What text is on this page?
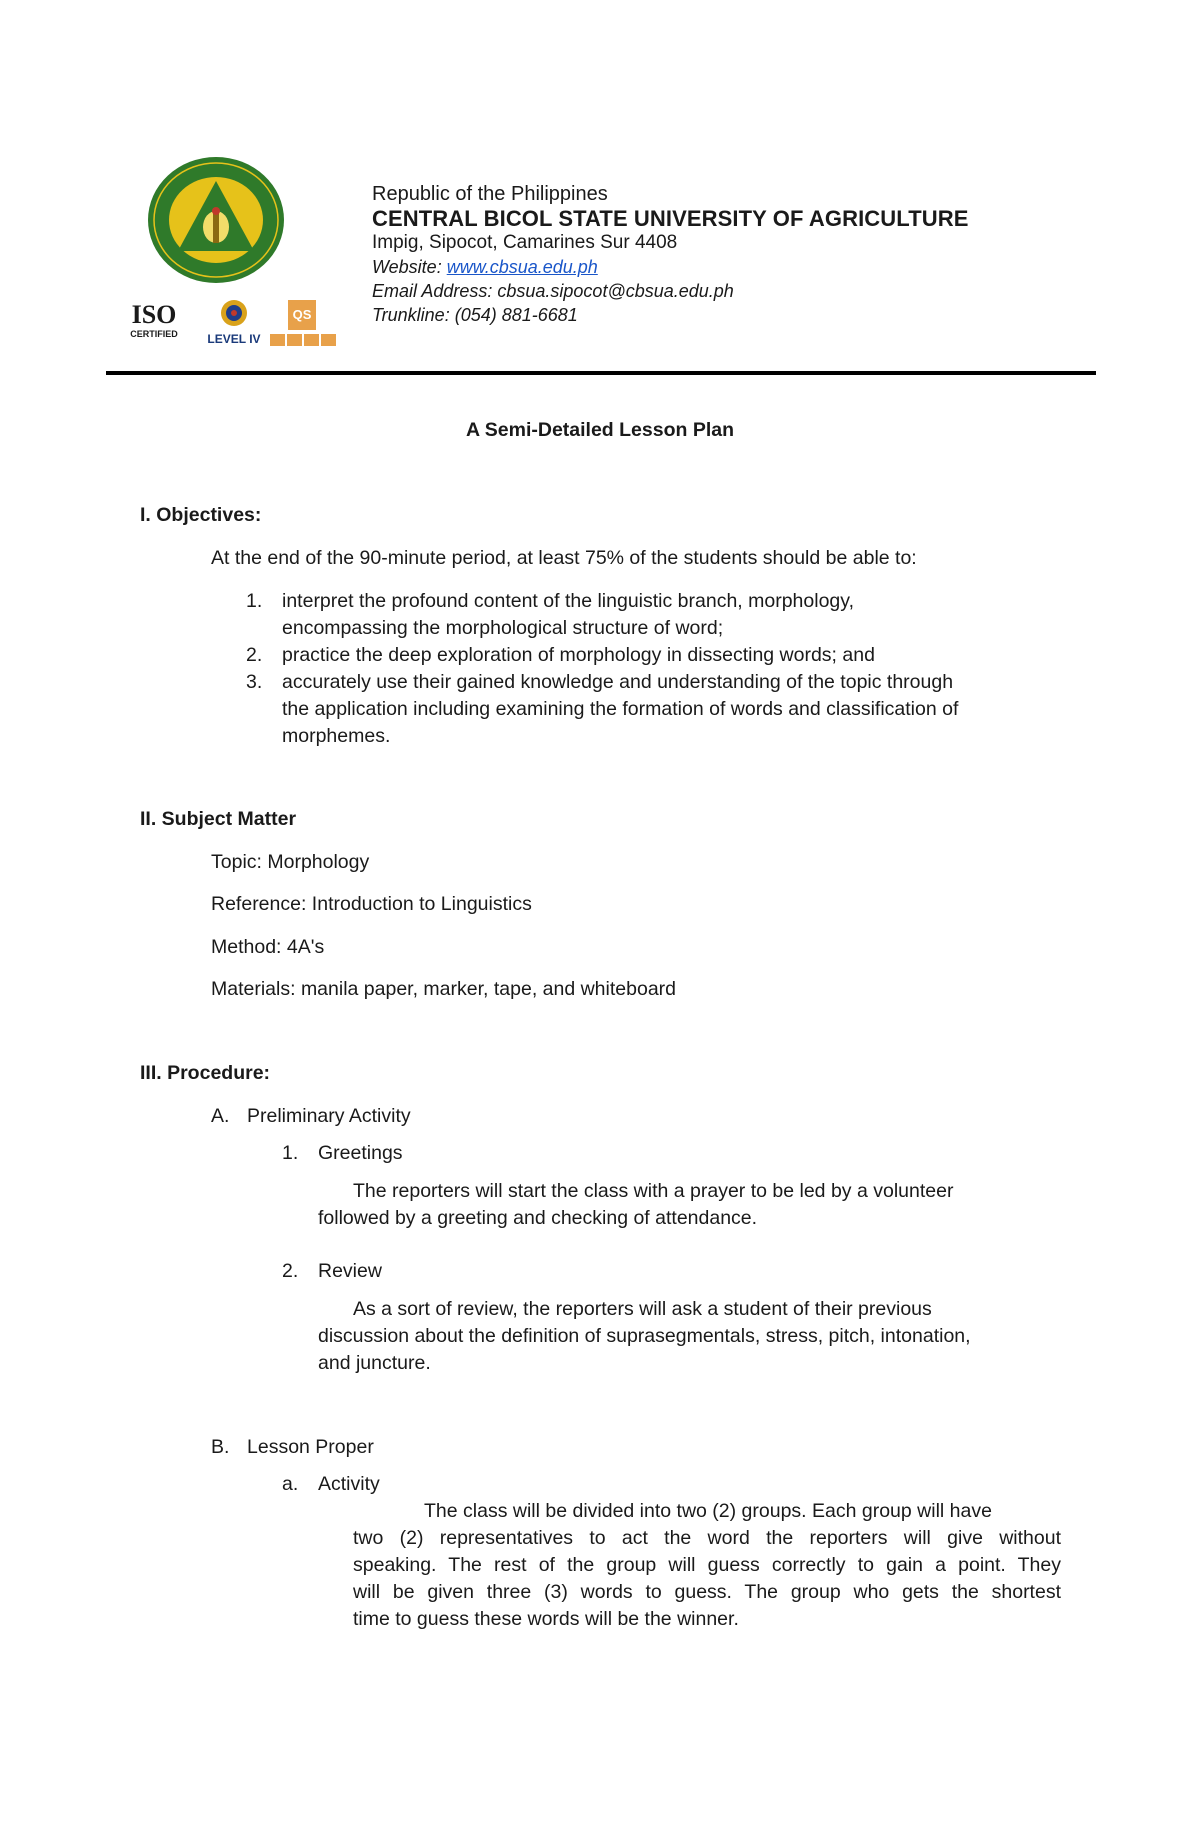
ISO
CERTIFIED	LEVEL IV
QS
Republic of the Philippines
CENTRAL BICOL STATE UNIVERSITY OF AGRICULTURE
Impig, Sipocot, Camarines Sur 4408
Website: www.cbsua.edu.ph
Email Address: cbsua.sipocot@cbsua.edu.ph
Trunkline: (054) 881-6681
A Semi-Detailed Lesson Plan
I. Objectives:
At the end of the 90-minute period, at least 75% of the students should be able to:
1. interpret the profound content of the linguistic branch, morphology,
encompassing the morphological structure of word;
2. practice the deep exploration of morphology in dissecting words; and
3. accurately use their gained knowledge and understanding of the topic through
the application including examining the formation of words and classification of
morphemes.
II. Subject Matter
Topic: Morphology
Reference: Introduction to Linguistics
Method: 4A's
Materials: manila paper, marker, tape, and whiteboard
III. Procedure:
A. Preliminary Activity
1. Greetings
The reporters will start the class with a prayer to be led by a volunteer
followed by a greeting and checking of attendance.
2. Review
As a sort of review, the reporters will ask a student of their previous
discussion about the definition of suprasegmentals, stress, pitch, intonation,
and juncture.
B. Lesson Proper
a. Activity
The class will be divided into two (2) groups. Each group will have
two (2) representatives to act the word the reporters will give without
speaking. The rest of the group will guess correctly to gain a point. They
will be given three (3) words to guess. The group who gets the shortest
time to guess these words will be the winner.
